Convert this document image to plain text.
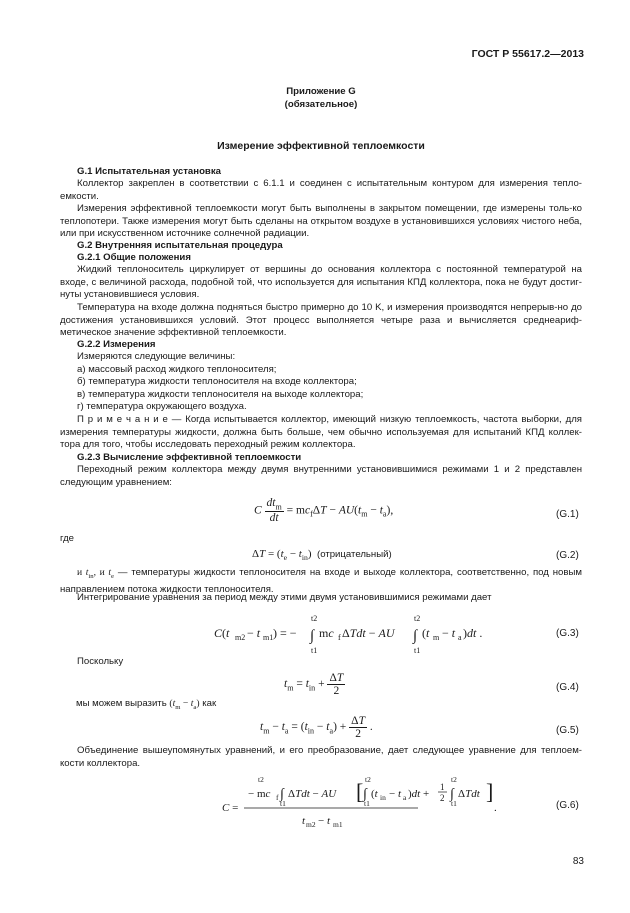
ГОСТ Р 55617.2—2013
Приложение G
(обязательное)
Измерение эффективной теплоемкости
G.1 Испытательная установка

Коллектор закреплен в соответствии с 6.1.1 и соединен с испытательным контуром для измерения тепло-емкости.

Измерения эффективной теплоемкости могут быть выполнены в закрытом помещении, где измерены толь-ко теплопотери. Также измерения могут быть сделаны на открытом воздухе в установившихся условиях чистого неба, или при искусственном источнике солнечной радиации.

G.2 Внутренняя испытательная процедура
G.2.1 Общие положения

Жидкий теплоноситель циркулирует от вершины до основания коллектора с постоянной температурой на входе, с величиной расхода, подобной той, что используется для испытания КПД коллектора, пока не будут достиг-нуты установившиеся условия.

Температура на входе должна подняться быстро примерно до 10 K, и измерения производятся непрерыв-но до достижения установившихся условий. Этот процесс выполняется четыре раза и вычисляется среднеариф-метическое значение эффективной теплоемкости.

G.2.2 Измерения
Измеряются следующие величины:
а) массовый расход жидкого теплоносителя;
б) температура жидкости теплоносителя на входе коллектора;
в) температура жидкости теплоносителя на выходе коллектора;
г) температура окружающего воздуха.

П р и м е ч а н и е — Когда испытывается коллектор, имеющий низкую теплоемкость, частота выборки, для измерения температуры жидкости, должна быть больше, чем обычно используемая для испытаний КПД коллек-тора для того, чтобы исследовать переходный режим коллектора.

G.2.3 Вычисление эффективной теплоемкости

Переходный режим коллектора между двумя внутренними установившимися режимами 1 и 2 представлен следующим уравнением:

C $\frac{dt_m}{dt} = mc_f\Delta T - AU(t_m - t_a)$,	(G.1)
где
$\Delta T = (t_e - t_{in})$  (отрицательный)	(G.2)

и $t_{in}$, и $t_e$ — температуры жидкости теплоносителя на входе и выходе коллектора, соответственно, под новым направлением потока жидкости теплоносителя.

Интегрирование уравнения за период между этими двумя установившимися режимами дает

C(t m2 − t m1 ) = −
t2
∫
t1
mc f ΔTdt − AU
t2
∫
t1
(t m − t a )dt .	(G.3)
Поскольку
$t_m = t_{in} + \frac{\Delta T}{2}$	(G.4)
мы можем выразить $(t_m - t_a)$ как
$t_m - t_a = (t_{in} - t_a) + \frac{\Delta T}{2}$ .	(G.5)

Объединение вышеупомянутых уравнений, и его преобразование, дает следующее уравнение для теплоем-кости коллектора.

C =
t2
− mc f ∫
t1
ΔTdt − AU [ t2
∫
t1
(t in − t a )dt +
1
2
t2
∫
t1
ΔTdt ]
t m2 − t m1
.	(G.6)
83
